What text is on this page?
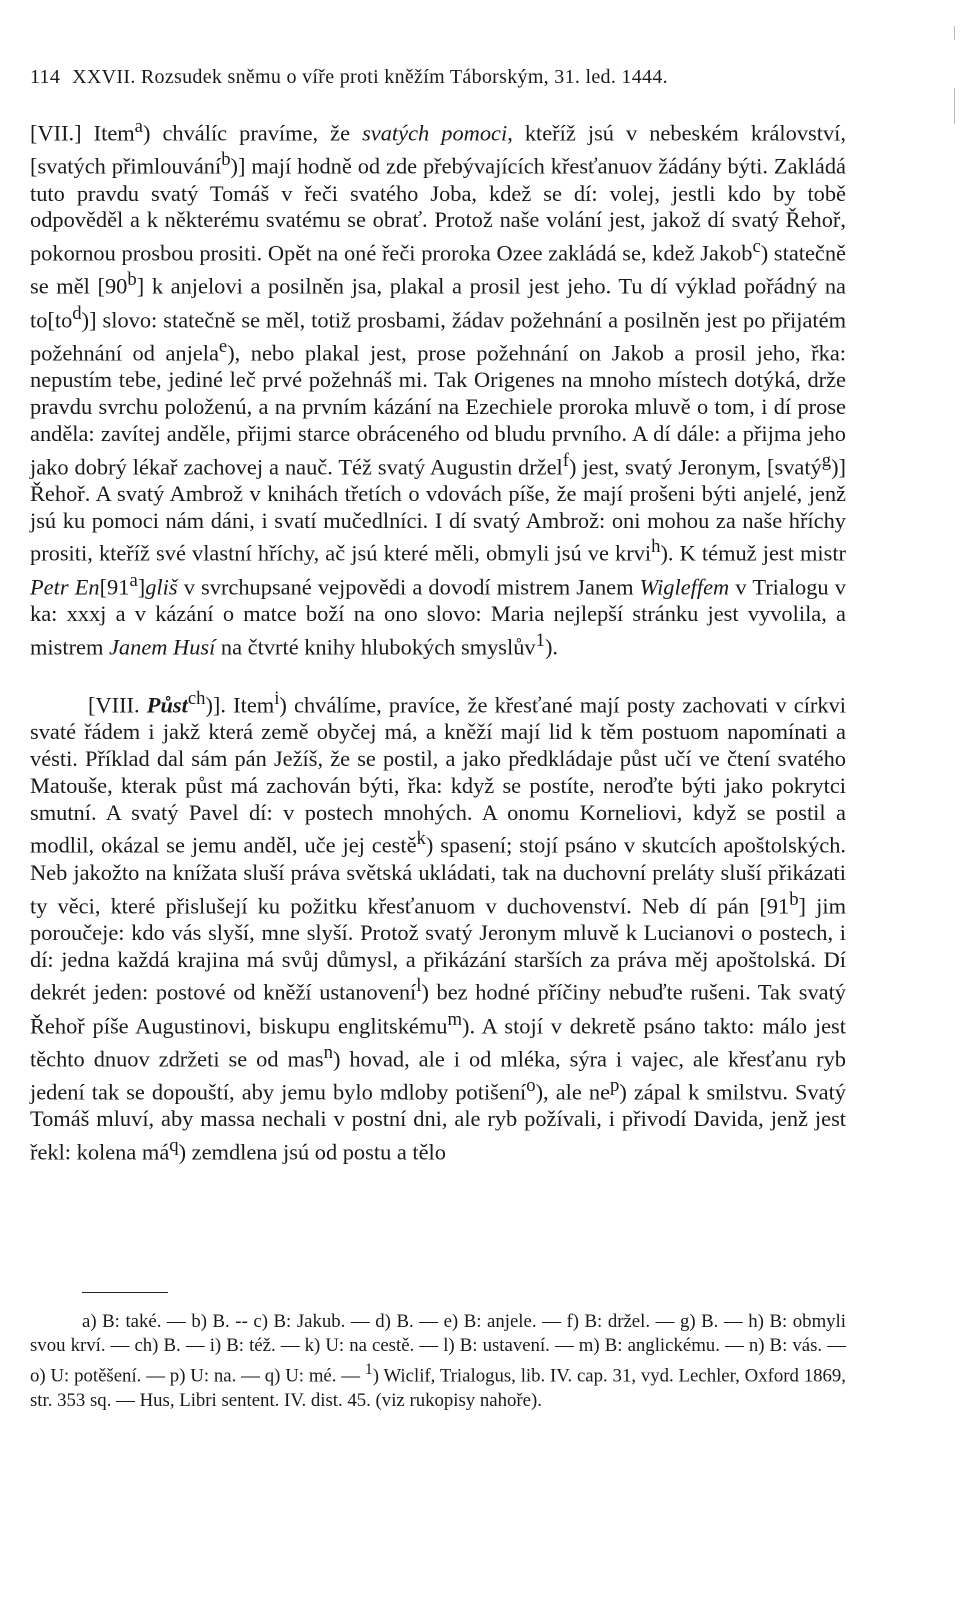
114 XXVII. Rozsudek sněmu o víře proti kněžím Táborským, 31. led. 1444.

[VII.] Item$^a$) chválíc pravíme, že svatých pomoci, kteříž jsú v nebeském království, [svatých přimlouvání$^b$)] mají hodně od zde přebývajících křesťanuov žádány býti. Zakládá tuto pravdu svatý Tomáš v řeči svatého Joba, kdež se dí: volej, jestli kdo by tobě odpověděl a k některému svatému se obrať. Protož naše volání jest, jakož dí svatý Řehoř, pokornou prosbou prositi. Opět na oné řeči proroka Ozee zakládá se, kdež Jakob$^c$) statečně se měl [90$^b$] k anjelovi a posilněn jsa, plakal a prosil jest jeho. Tu dí výklad pořádný na $to[to^d)$] slovo: statečně se měl, totiž prosbami, žádav požehnání a posilněn jest po přijatém požehnání od anjela$^e$), nebo plakal jest, prose požehnání on Jakob a prosil jeho, řka: nepustím tebe, jediné leč prvé požehnáš mi. Tak Origenes na mnoho místech dotýká, drže pravdu svrchu položenú, a na prvním kázání na Ezechiele proroka mluvě o tom, i dí prose anděla: zavítej anděle, přijmi starce obráceného od bludu prvního. A dí dále: a přijma jeho jako dobrý lékař zachovej a nauč. Též svatý Augustin držel$^f$) jest, svatý Jeronym, [svatý$^g$)] Řehoř. A svatý Ambrož v knihách třetích o vdovách píše, že mají prošeni býti anjelé, jenž jsú ku pomoci nám dáni, i svatí mučedlníci. I dí svatý Ambrož: oni mohou za naše hříchy prositi, kteříž své vlastní hříchy, ač jsú které měli, obmyli jsú ve krvi$^h$). K témuž jest mistr Petr En[91$^a$]gliš v svrchupsané vejpovědi a dovodí mistrem Janem Wigleffem v Trialogu v ka: xxxj a v kázání o matce boží na ono slovo: Maria nejlepší stránku jest vyvolila, a mistrem Janem Husí na čtvrté knihy hlubokých smyslův$^1$).

[VIII. Půst$^{ch}$)]. Item$^i$) chválíme, pravíce, že křesťané mají posty zachovati v církvi svaté řádem i jakž která země obyčej má, a kněží mají lid k těm postuom napomínati a vésti. Příklad dal sám pán Ježíš, že se postil, a jako předkládaje půst učí ve čtení svatého Matouše, kterak půst má zachován býti, řka: když se postíte, neroďte býti jako pokrytci smutní. A svatý Pavel dí: v postech mnohých. A onomu Korneliovi, když se postil a modlil, okázal se jemu anděl, uče jej cestě$^k$) spasení; stojí psáno v skutcích apoštolských. Neb jakožto na knížata sluší práva světská ukládati, tak na duchovní preláty sluší přikázati ty věci, které přislušejí ku požitku křesťanuom v duchovenství. Neb dí pán [91$^b$] jim poroučeje: kdo vás slyší, mne slyší. Protož svatý Jeronym mluvě k Lucianovi o postech, i dí: jedna každá krajina má svůj důmysl, a přikázání starších za práva měj apoštolská. Dí dekrét jeden: postové od kněží ustanovení$^l$) bez hodné příčiny nebuďte rušeni. Tak svatý Řehoř píše Augustinovi, biskupu englitskému$^m$). A stojí v dekretě psáno takto: málo jest těchto dnuov zdržeti se od mas$^n$) hovad, ale i od mléka, sýra i vajec, ale křesťanu ryb jedení tak se dopouští, aby jemu bylo mdloby potišení$^o$), ale $ne^p$) zápal k smilstvu. Svatý Tomáš mluví, aby massa nechali v postní dni, ale ryb požívali, i přivodí Davida, jenž jest řekl: kolena $má^q$) zemdlena jsú od postu a tělo

a) B: také. — b) B. -- c) B: Jakub. — d) B. — e) B: anjele. — f) B: držel. — g) B. — h) B: obmyli svou krví. — ch) B. — i) B: též. — k) U: na cestě. — l) B: ustavení. — m) B: anglickému. — n) B: vás. — o) U: potěšení. — p) U: na. — q) U: mé. — $^1$) Wiclif, Trialogus, lib. IV. cap. 31, vyd. Lechler, Oxford 1869, str. 353 sq. — Hus, Libri sentent. IV. dist. 45. (viz rukopisy nahoře).
